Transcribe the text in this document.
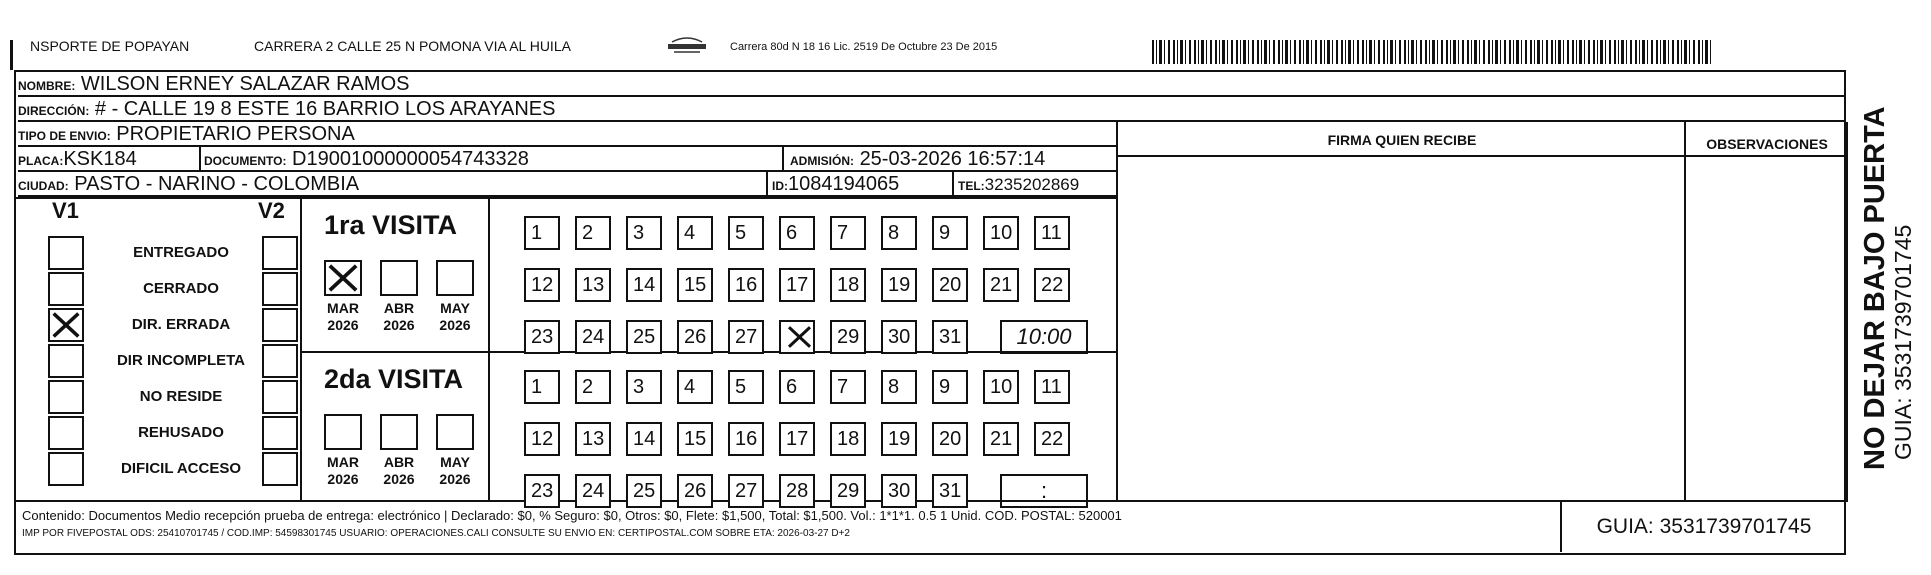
NSPORTE DE POPAYAN	CARRERA 2 CALLE 25 N POMONA VIA AL HUILA	Carrera 80d N 18 16 Lic. 2519 De Octubre 23 De 2015
NOMBRE: WILSON ERNEY SALAZAR RAMOS
DIRECCIÓN: # - CALLE 19 8 ESTE 16 BARRIO LOS ARAYANES
TIPO DE ENVIO: PROPIETARIO PERSONA
PLACA:KSK184	DOCUMENTO: D19001000000054743328	ADMISIÓN: 25-03-2026 16:57:14
CIUDAD: PASTO - NARINO - COLOMBIA	ID:1084194065	TEL:3235202869
FIRMA QUIEN RECIBE	OBSERVACIONES
V1	V2
ENTREGADO
CERRADO
DIR. ERRADA
DIR INCOMPLETA
NO RESIDE
REHUSADO
DIFICIL ACCESO
1ra VISITA
MAR
2026
ABR
2026
MAY
2026
1	2	3	4	5	6	7	8	9	10	11
12	13	14	15	16	17	18	19	20	21	22
23	24	25	26	27	29	30	31	10:00
2da VISITA
MAR
2026
ABR
2026
MAY
2026
1	2	3	4	5	6	7	8	9	10	11
12	13	14	15	16	17	18	19	20	21	22
23	24	25	26	27	28	29	30	31	:
Contenido: Documentos Medio recepción prueba de entrega: electrónico | Declarado: $0, % Seguro: $0, Otros: $0, Flete: $1,500, Total: $1,500. Vol.: 1*1*1. 0.5 1 Unid. COD. POSTAL: 520001
IMP POR FIVEPOSTAL ODS: 25410701745 / COD.IMP: 54598301745 USUARIO: OPERACIONES.CALI CONSULTE SU ENVIO EN: CERTIPOSTAL.COM SOBRE ETA: 2026-03-27 D+2	GUIA: 3531739701745
NO DEJAR BAJO PUERTA GUIA: 3531739701745
